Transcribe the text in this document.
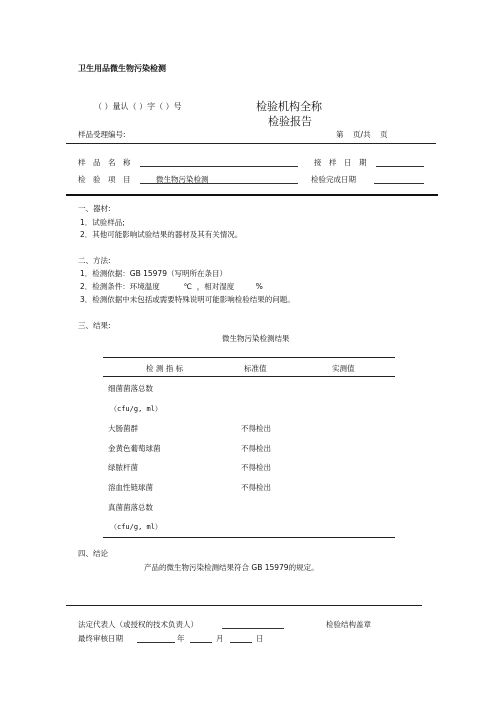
卫生用品微生物污染检测
（ ）量认（ ）字（ ）号	检验机构全称
检验报告
样品受理编号:	第    页/共    页
样　品　名　称	接　样　日　期
检　验　项　目	微生物污染检测	检验完成日期
一、器材:
1．试验样品;
2．其他可能影响试验结果的器材及其有关情况。
二、方法:
1．检测依据：GB 15979（写明所在条目）
2．检测条件：环境温度          ℃  ，相对湿度         %
3．检测依据中未包括或需要特殊说明可能影响检验结果的问题。
三、结果:
微生物污染检测结果
检 测 指 标	标准值	实测值
细菌菌落总数
（cfu/g, ml）
大肠菌群	不得检出
金黄色葡萄球菌	不得检出
绿脓杆菌	不得检出
溶血性链球菌	不得检出
真菌菌落总数
（cfu/g, ml）
四、结论
产品的微生物污染检测结果符合 GB 15979的规定。
法定代表人（或授权的技术负责人）	检验结构盖章
最终审核日期	年	月	日
